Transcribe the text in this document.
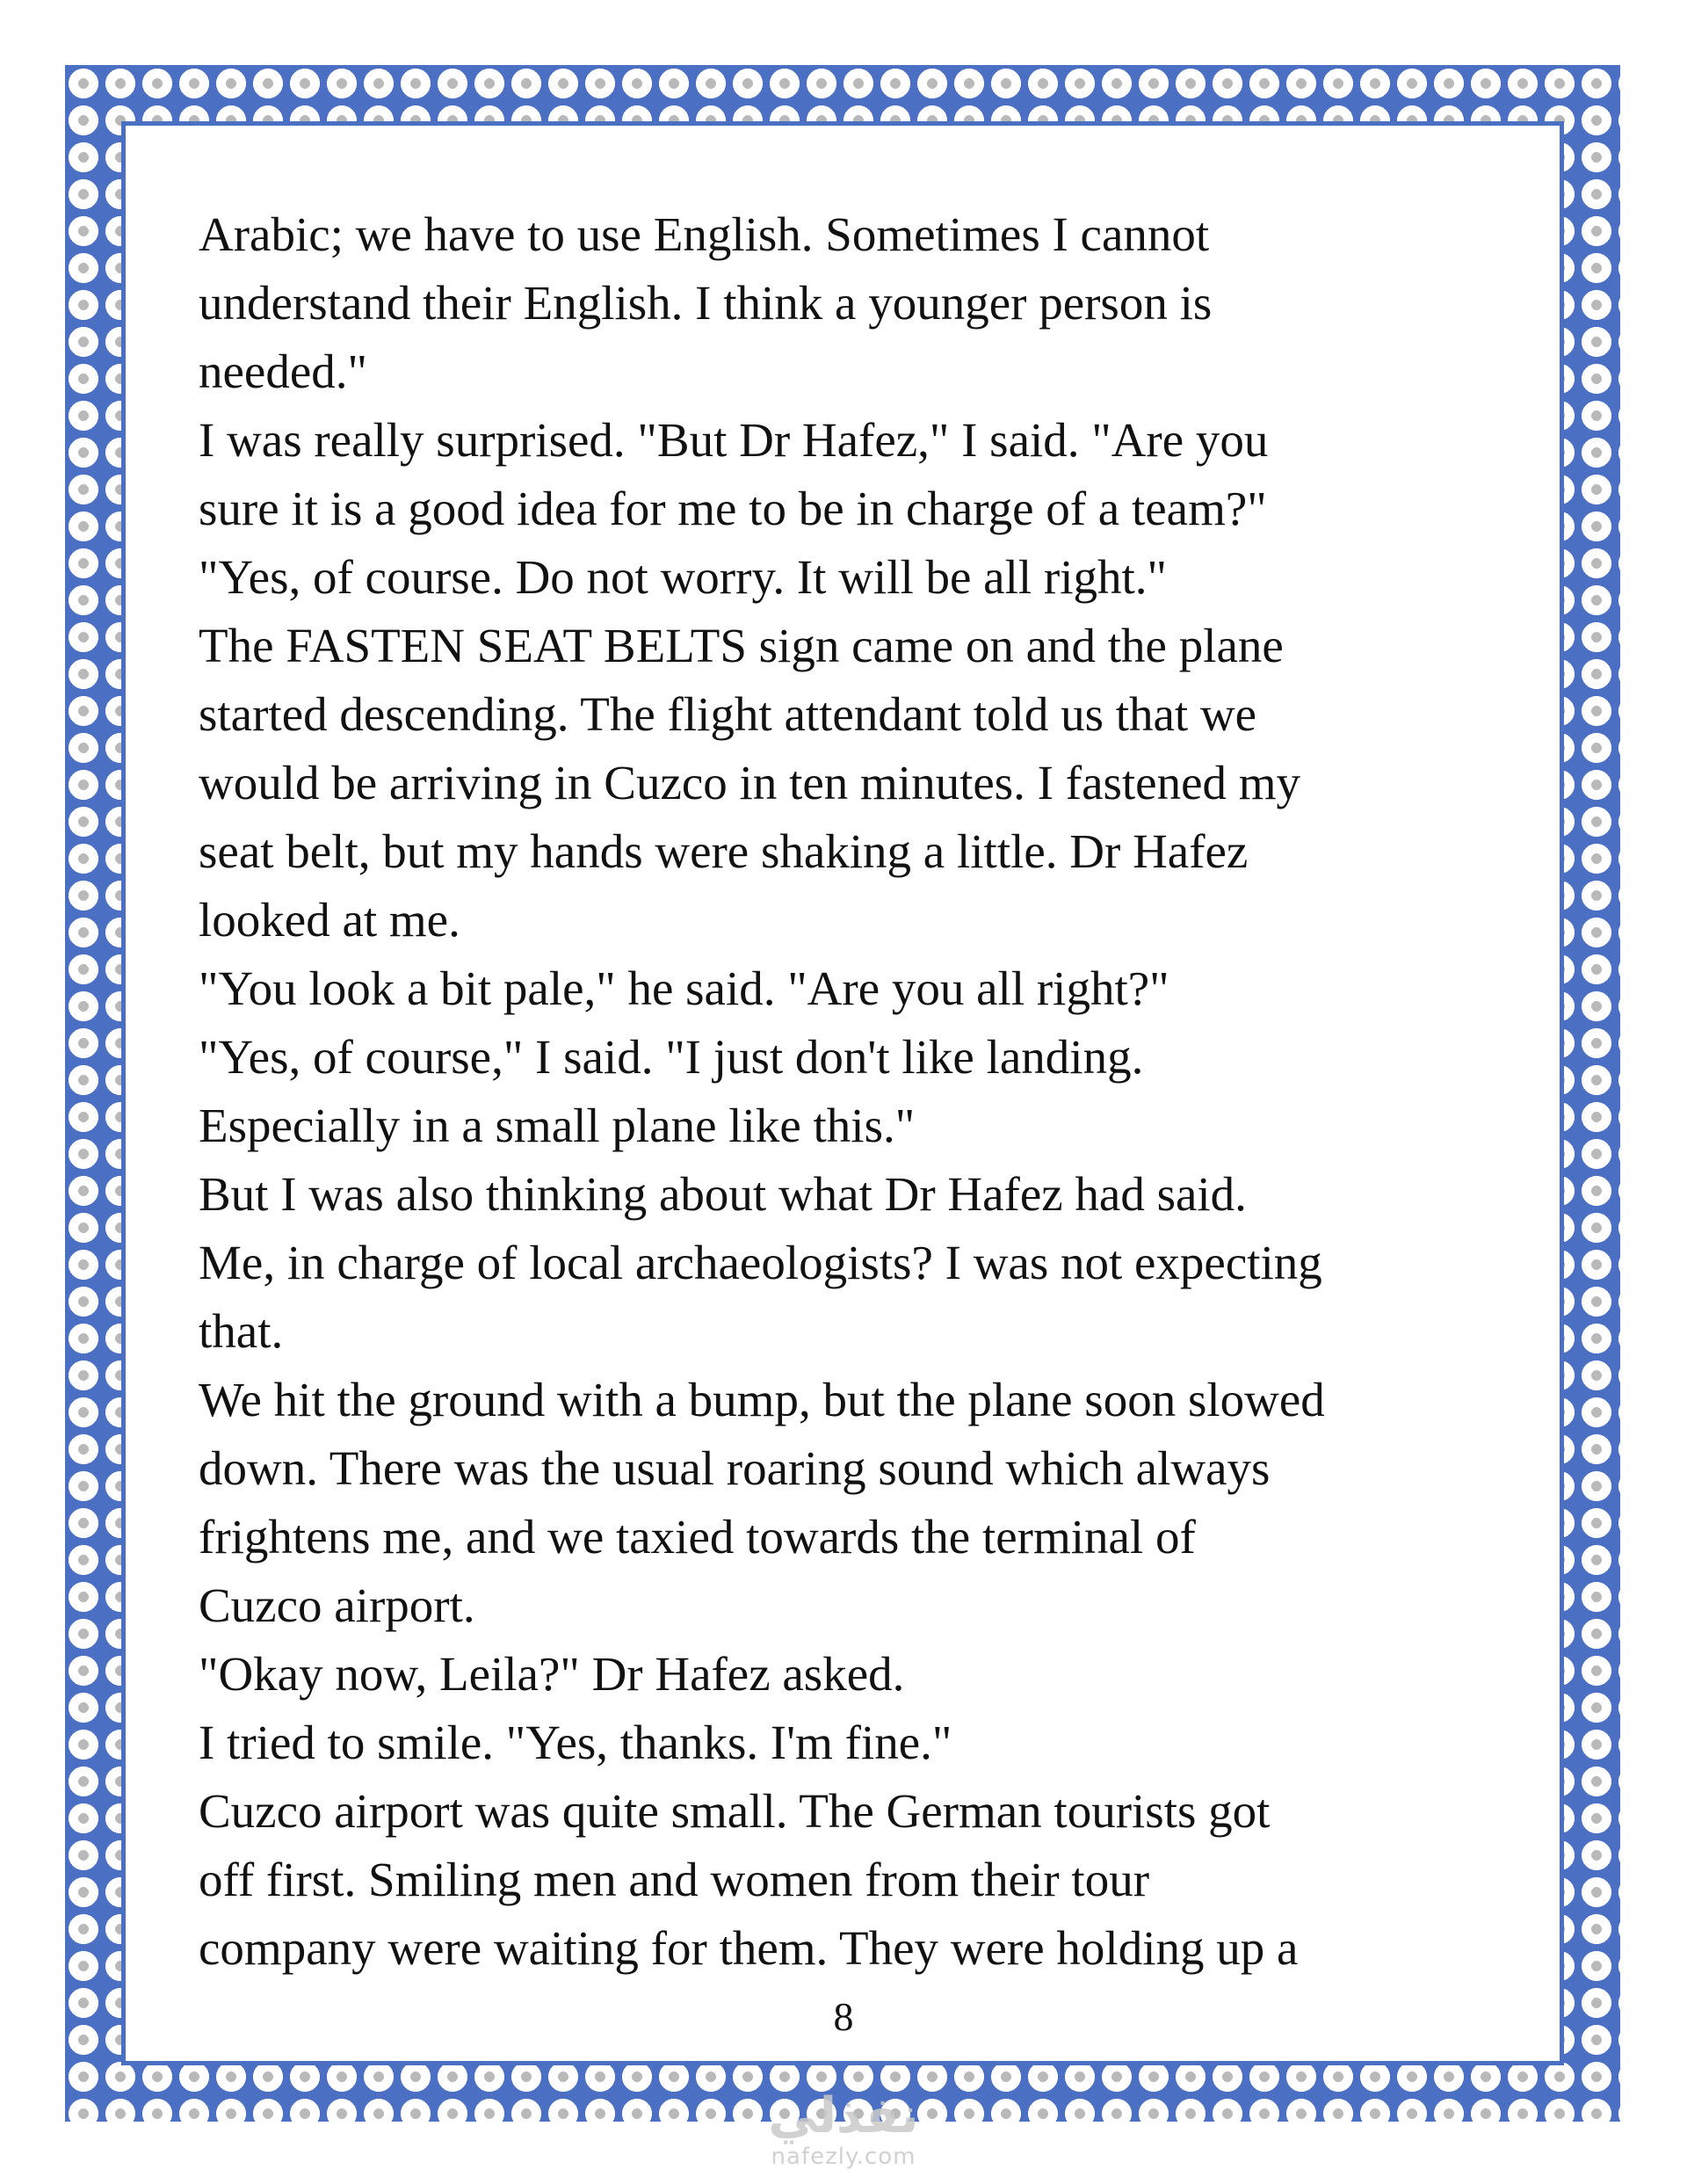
Arabic; we have to use English. Sometimes I cannot

understand their English. I think a younger person is

needed."

I was really surprised. "But Dr Hafez," I said. "Are you

sure it is a good idea for me to be in charge of a team?"

"Yes, of course. Do not worry. It will be all right."

The FASTEN SEAT BELTS sign came on and the plane

started descending. The flight attendant told us that we

would be arriving in Cuzco in ten minutes. I fastened my

seat belt, but my hands were shaking a little. Dr Hafez

looked at me.

"You look a bit pale," he said. "Are you all right?"

"Yes, of course," I said. "I just don't like landing.

Especially in a small plane like this."

But I was also thinking about what Dr Hafez had said.

Me, in charge of local archaeologists? I was not expecting

that.

We hit the ground with a bump, but the plane soon slowed

down. There was the usual roaring sound which always

frightens me, and we taxied towards the terminal of

Cuzco airport.

"Okay now, Leila?" Dr Hafez asked.

I tried to smile. "Yes, thanks. I'm fine."

Cuzco airport was quite small. The German tourists got

off first. Smiling men and women from their tour

company were waiting for them. They were holding up a

8
نفذلي
nafezly.com
